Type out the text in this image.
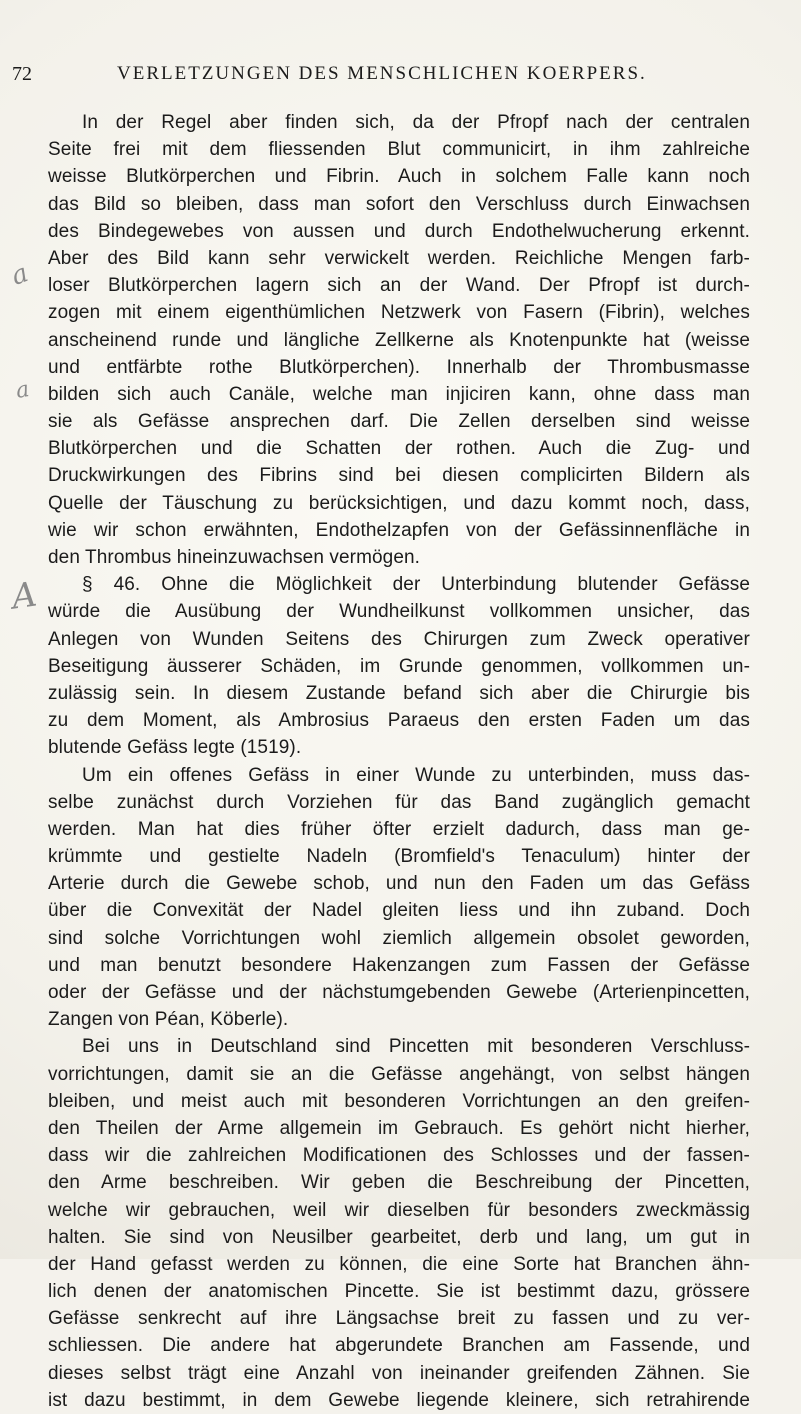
72	VERLETZUNGEN DES MENSCHLICHEN KOERPERS.
a
a
A
In der Regel aber finden sich, da der Pfropf nach der centralen
Seite frei mit dem fliessenden Blut communicirt, in ihm zahlreiche
weisse Blutkörperchen und Fibrin. Auch in solchem Falle kann noch
das Bild so bleiben, dass man sofort den Verschluss durch Einwachsen
des Bindegewebes von aussen und durch Endothelwucherung erkennt.
Aber des Bild kann sehr verwickelt werden. Reichliche Mengen farb-
loser Blutkörperchen lagern sich an der Wand. Der Pfropf ist durch-
zogen mit einem eigenthümlichen Netzwerk von Fasern (Fibrin), welches
anscheinend runde und längliche Zellkerne als Knotenpunkte hat (weisse
und entfärbte rothe Blutkörperchen). Innerhalb der Thrombusmasse
bilden sich auch Canäle, welche man injiciren kann, ohne dass man
sie als Gefässe ansprechen darf. Die Zellen derselben sind weisse
Blutkörperchen und die Schatten der rothen. Auch die Zug- und
Druckwirkungen des Fibrins sind bei diesen complicirten Bildern als
Quelle der Täuschung zu berücksichtigen, und dazu kommt noch, dass,
wie wir schon erwähnten, Endothelzapfen von der Gefässinnenfläche in
den Thrombus hineinzuwachsen vermögen.
§ 46. Ohne die Möglichkeit der Unterbindung blutender Gefässe
würde die Ausübung der Wundheilkunst vollkommen unsicher, das
Anlegen von Wunden Seitens des Chirurgen zum Zweck operativer
Beseitigung äusserer Schäden, im Grunde genommen, vollkommen un-
zulässig sein. In diesem Zustande befand sich aber die Chirurgie bis
zu dem Moment, als Ambrosius Paraeus den ersten Faden um das
blutende Gefäss legte (1519).
Um ein offenes Gefäss in einer Wunde zu unterbinden, muss das-
selbe zunächst durch Vorziehen für das Band zugänglich gemacht
werden. Man hat dies früher öfter erzielt dadurch, dass man ge-
krümmte und gestielte Nadeln (Bromfield's Tenaculum) hinter der
Arterie durch die Gewebe schob, und nun den Faden um das Gefäss
über die Convexität der Nadel gleiten liess und ihn zuband. Doch
sind solche Vorrichtungen wohl ziemlich allgemein obsolet geworden,
und man benutzt besondere Hakenzangen zum Fassen der Gefässe
oder der Gefässe und der nächstumgebenden Gewebe (Arterienpincetten,
Zangen von Péan, Köberle).
Bei uns in Deutschland sind Pincetten mit besonderen Verschluss-
vorrichtungen, damit sie an die Gefässe angehängt, von selbst hängen
bleiben, und meist auch mit besonderen Vorrichtungen an den greifen-
den Theilen der Arme allgemein im Gebrauch. Es gehört nicht hierher,
dass wir die zahlreichen Modificationen des Schlosses und der fassen-
den Arme beschreiben. Wir geben die Beschreibung der Pincetten,
welche wir gebrauchen, weil wir dieselben für besonders zweckmässig
halten. Sie sind von Neusilber gearbeitet, derb und lang, um gut in
der Hand gefasst werden zu können, die eine Sorte hat Branchen ähn-
lich denen der anatomischen Pincette. Sie ist bestimmt dazu, grössere
Gefässe senkrecht auf ihre Längsachse breit zu fassen und zu ver-
schliessen. Die andere hat abgerundete Branchen am Fassende, und
dieses selbst trägt eine Anzahl von ineinander greifenden Zähnen. Sie
ist dazu bestimmt, in dem Gewebe liegende kleinere, sich retrahirende
